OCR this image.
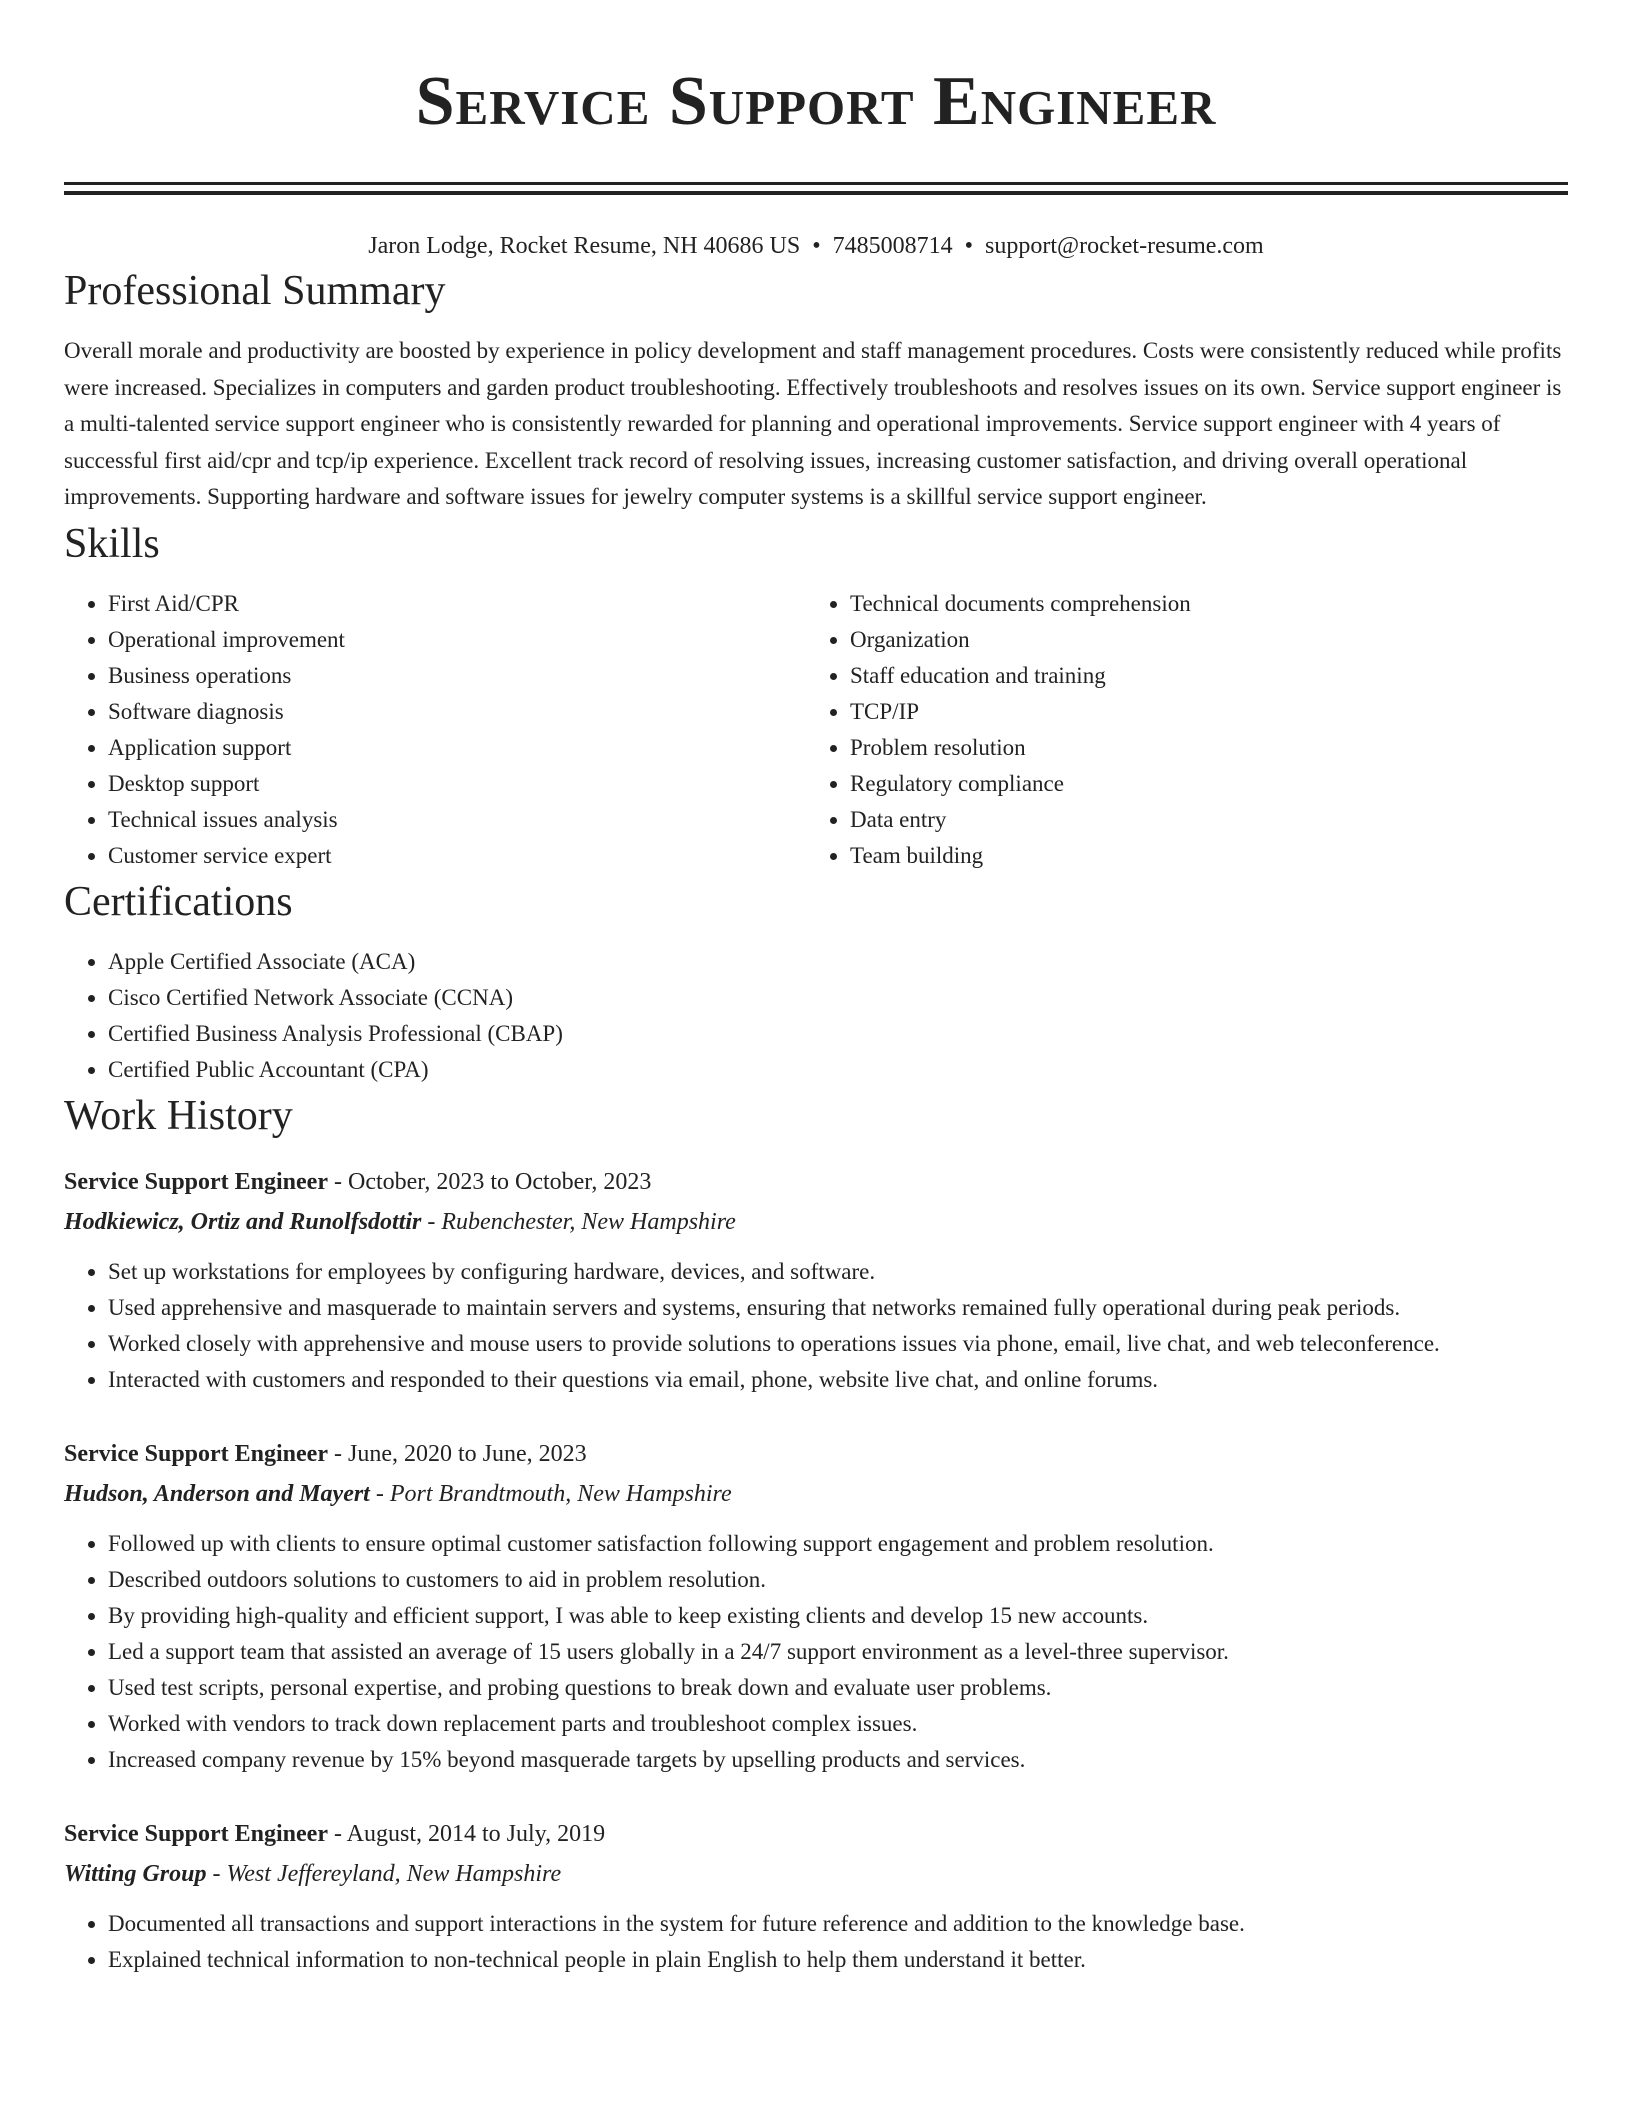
Service Support Engineer
Jaron Lodge, Rocket Resume, NH 40686 US • 7485008714 • support@rocket-resume.com
Professional Summary

Overall morale and productivity are boosted by experience in policy development and staff management procedures. Costs were consistently reduced while profits were increased. Specializes in computers and garden product troubleshooting. Effectively troubleshoots and resolves issues on its own. Service support engineer is a multi-talented service support engineer who is consistently rewarded for planning and operational improvements. Service support engineer with 4 years of successful first aid/cpr and tcp/ip experience. Excellent track record of resolving issues, increasing customer satisfaction, and driving overall operational improvements. Supporting hardware and software issues for jewelry computer systems is a skillful service support engineer.

Skills
• First Aid/CPR
• Operational improvement
• Business operations
• Software diagnosis
• Application support
• Desktop support
• Technical issues analysis
• Customer service expert
• Technical documents comprehension
• Organization
• Staff education and training
• TCP/IP
• Problem resolution
• Regulatory compliance
• Data entry
• Team building
Certifications
• Apple Certified Associate (ACA)
• Cisco Certified Network Associate (CCNA)
• Certified Business Analysis Professional (CBAP)
• Certified Public Accountant (CPA)
Work History
Service Support Engineer - October, 2023 to October, 2023
Hodkiewicz, Ortiz and Runolfsdottir - Rubenchester, New Hampshire
• Set up workstations for employees by configuring hardware, devices, and software.
• Used apprehensive and masquerade to maintain servers and systems, ensuring that networks remained fully operational during peak periods.
• Worked closely with apprehensive and mouse users to provide solutions to operations issues via phone, email, live chat, and web teleconference.
• Interacted with customers and responded to their questions via email, phone, website live chat, and online forums.
Service Support Engineer - June, 2020 to June, 2023
Hudson, Anderson and Mayert - Port Brandtmouth, New Hampshire
• Followed up with clients to ensure optimal customer satisfaction following support engagement and problem resolution.
• Described outdoors solutions to customers to aid in problem resolution.
• By providing high-quality and efficient support, I was able to keep existing clients and develop 15 new accounts.
• Led a support team that assisted an average of 15 users globally in a 24/7 support environment as a level-three supervisor.
• Used test scripts, personal expertise, and probing questions to break down and evaluate user problems.
• Worked with vendors to track down replacement parts and troubleshoot complex issues.
• Increased company revenue by 15% beyond masquerade targets by upselling products and services.
Service Support Engineer - August, 2014 to July, 2019
Witting Group - West Jeffereyland, New Hampshire
• Documented all transactions and support interactions in the system for future reference and addition to the knowledge base.
• Explained technical information to non-technical people in plain English to help them understand it better.
